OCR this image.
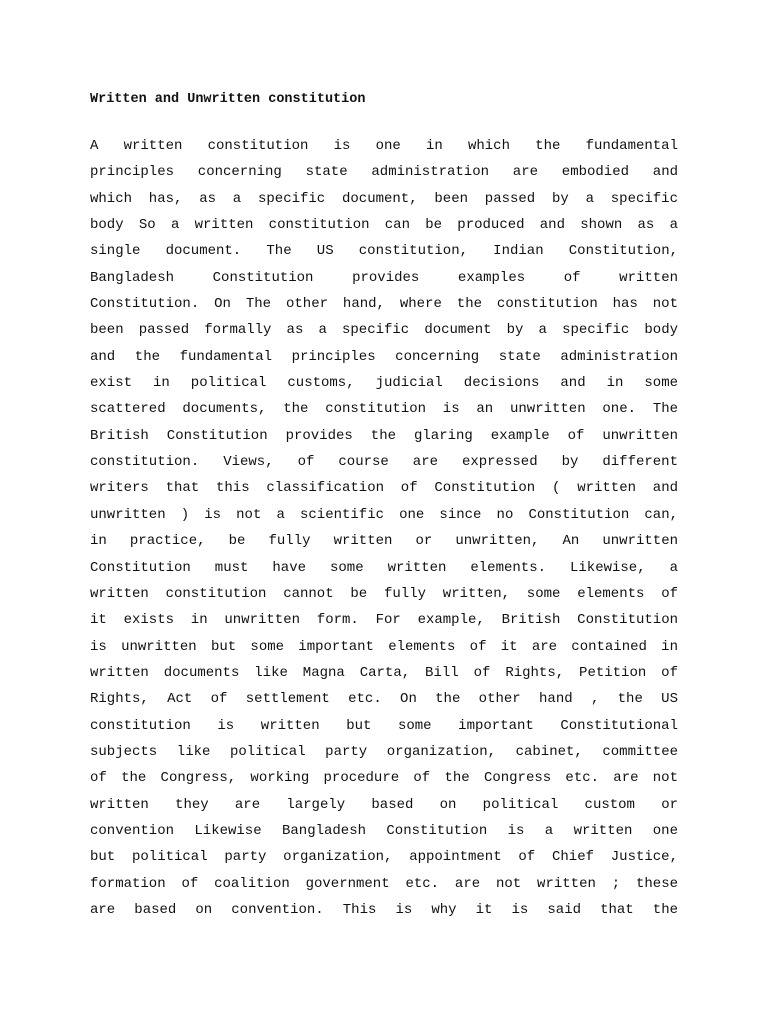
Written and Unwritten constitution
A written constitution is one in which the fundamental
principles concerning state administration are embodied and
which has, as a specific document, been passed by a specific
body So a written constitution can be produced and shown as a
single document. The US constitution, Indian Constitution,
Bangladesh Constitution provides examples of written
Constitution. On The other hand, where the constitution has not
been passed formally as a specific document by a specific body
and the fundamental principles concerning state administration
exist in political customs, judicial decisions and in some
scattered documents, the constitution is an unwritten one. The
British Constitution provides the glaring example of unwritten
constitution. Views, of course are expressed by different
writers that this classification of Constitution ( written and
unwritten ) is not a scientific one since no Constitution can,
in practice, be fully written or unwritten, An unwritten
Constitution must have some written elements. Likewise, a
written constitution cannot be fully written, some elements of
it exists in unwritten form. For example, British Constitution
is unwritten but some important elements of it are contained in
written documents like Magna Carta, Bill of Rights, Petition of
Rights, Act of settlement etc. On the other hand , the US
constitution is written but some important Constitutional
subjects like political party organization, cabinet, committee
of the Congress, working procedure of the Congress etc. are not
written they are largely based on political custom or
convention Likewise Bangladesh Constitution is a written one
but political party organization, appointment of Chief Justice,
formation of coalition government etc. are not written ; these
are based on convention. This is why it is said that the
